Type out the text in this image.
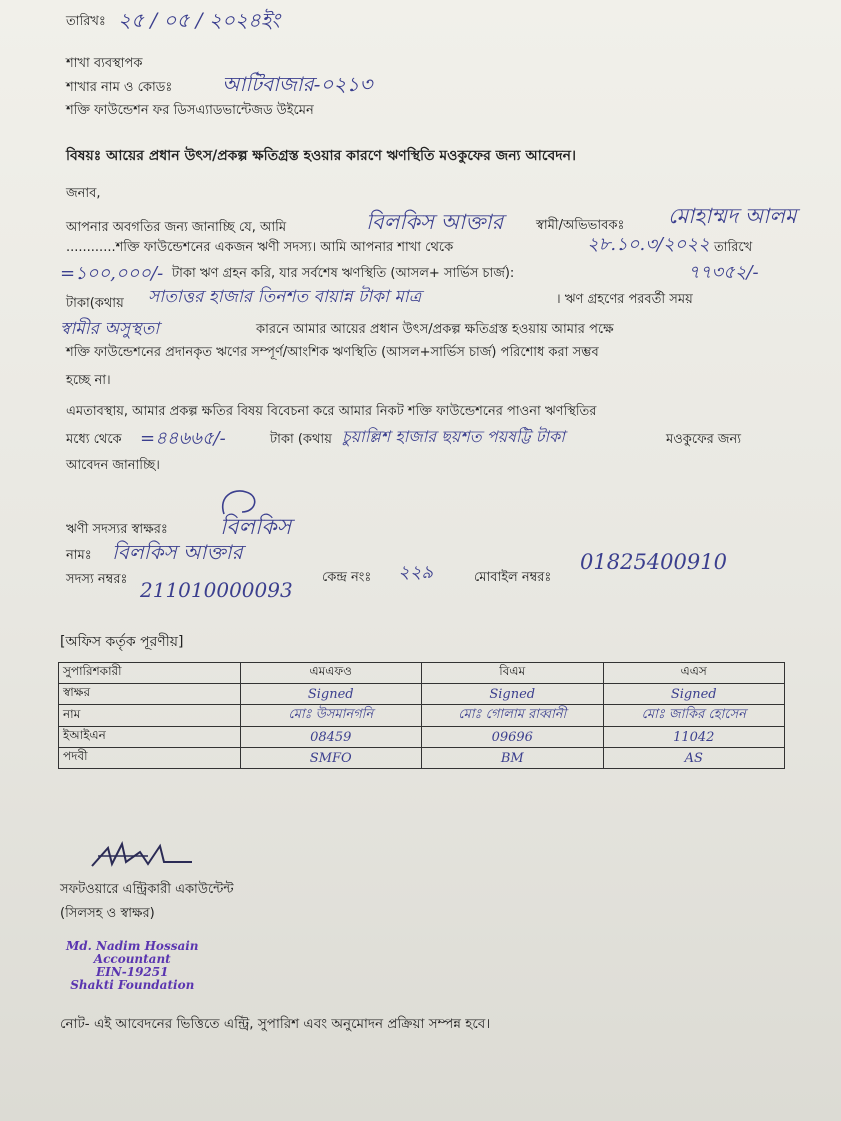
তারিখঃ ২৫ / ০৫ / ২০২৪ইং
শাখা ব্যবস্থাপক
শাখার নাম ও কোডঃ আটিবাজার-০২১৩
শক্তি ফাউন্ডেশন ফর ডিসএ্যাডভান্টেজড উইমেন
বিষয়ঃ আয়ের প্রধান উৎস/প্রকল্প ক্ষতিগ্রস্ত হওয়ার কারণে ঋণস্থিতি মওকুফের জন্য আবেদন।
জনাব,
আপনার অবগতির জন্য জানাচ্ছি যে, আমি	বিলকিস আক্তার	স্বামী/অভিভাবকঃ মোহাম্মদ আলম
............শক্তি ফাউন্ডেশনের একজন ঋণী সদস্য। আমি আপনার শাখা থেকে	২৮.১০.৩/২০২২ তারিখে
=১০০,০০০/- টাকা ঋণ গ্রহন করি, যার সর্বশেষ ঋণস্থিতি (আসল+ সার্ভিস চার্জ):	৭৭৩৫২/-
টাকা(কথায় সাতাত্তর হাজার তিনশত বায়ান্ন টাকা মাত্র	। ঋণ গ্রহণের পরবর্তী সময়
স্বামীর অসুস্থতা	কারনে আমার আয়ের প্রধান উৎস/প্রকল্প ক্ষতিগ্রস্ত হওয়ায় আমার পক্ষে
শক্তি ফাউন্ডেশনের প্রদানকৃত ঋণের সম্পূর্ণ/আংশিক ঋণস্থিতি (আসল+সার্ভিস চার্জ) পরিশোধ করা সম্ভব
হচ্ছে না।
এমতাবস্থায়, আমার প্রকল্প ক্ষতির বিষয় বিবেচনা করে আমার নিকট শক্তি ফাউন্ডেশনের পাওনা ঋণস্থিতির
মধ্যে থেকে =৪৪৬৬৫/-	টাকা (কথায় চুয়াল্লিশ হাজার ছয়শত পয়ষট্টি টাকা	মওকুফের জন্য
আবেদন জানাচ্ছি।
ঋণী সদস্যর স্বাক্ষরঃ বিলকিস
নামঃ বিলকিস আক্তার
সদস্য নম্বরঃ 211010000093
কেন্দ্র নংঃ ২২৯	মোবাইল নম্বরঃ
01825400910
[অফিস কর্তৃক পূরণীয়]
সুপারিশকারী	এমএফও	বিএম	এএস
স্বাক্ষর	Signed	Signed	Signed
নাম	মোঃ উসমানগনি	মোঃ গোলাম রাব্বানী	মোঃ জাকির হোসেন
ইআইএন	08459	09696	11042
পদবী	SMFO	BM	AS
সফটওয়ারে এন্ট্রিকারী একাউন্টেন্ট
(সিলসহ ও স্বাক্ষর)
Md. Nadim Hossain
Accountant
EIN-19251
Shakti Foundation
নোট- এই আবেদনের ভিত্তিতে এন্ট্রি, সুপারিশ এবং অনুমোদন প্রক্রিয়া সম্পন্ন হবে।
